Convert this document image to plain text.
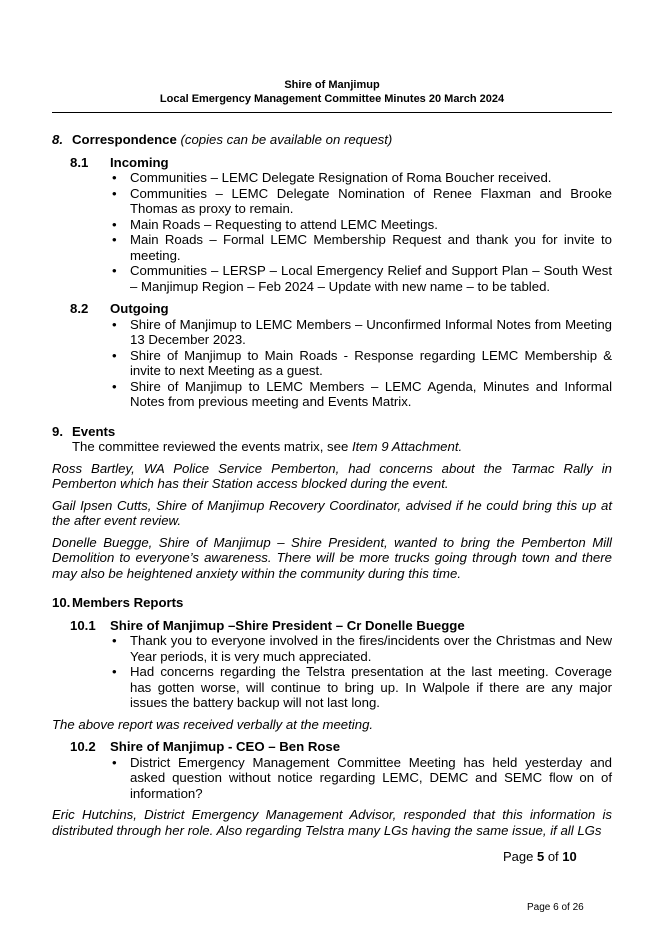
Shire of Manjimup
Local Emergency Management Committee Minutes 20 March 2024
8. Correspondence (copies can be available on request)
8.1 Incoming
• Communities – LEMC Delegate Resignation of Roma Boucher received.
• Communities – LEMC Delegate Nomination of Renee Flaxman and Brooke Thomas as proxy to remain.
• Main Roads – Requesting to attend LEMC Meetings.
• Main Roads – Formal LEMC Membership Request and thank you for invite to meeting.
• Communities – LERSP – Local Emergency Relief and Support Plan – South West – Manjimup Region – Feb 2024 – Update with new name – to be tabled.
8.2 Outgoing
• Shire of Manjimup to LEMC Members – Unconfirmed Informal Notes from Meeting 13 December 2023.
• Shire of Manjimup to Main Roads - Response regarding LEMC Membership & invite to next Meeting as a guest.
• Shire of Manjimup to LEMC Members – LEMC Agenda, Minutes and Informal Notes from previous meeting and Events Matrix.
9. Events
The committee reviewed the events matrix, see Item 9 Attachment.
Ross Bartley, WA Police Service Pemberton, had concerns about the Tarmac Rally in Pemberton which has their Station access blocked during the event.
Gail Ipsen Cutts, Shire of Manjimup Recovery Coordinator, advised if he could bring this up at the after event review.
Donelle Buegge, Shire of Manjimup – Shire President, wanted to bring the Pemberton Mill Demolition to everyone’s awareness. There will be more trucks going through town and there may also be heightened anxiety within the community during this time.
10. Members Reports
10.1 Shire of Manjimup –Shire President – Cr Donelle Buegge
• Thank you to everyone involved in the fires/incidents over the Christmas and New Year periods, it is very much appreciated.
• Had concerns regarding the Telstra presentation at the last meeting. Coverage has gotten worse, will continue to bring up. In Walpole if there are any major issues the battery backup will not last long.
The above report was received verbally at the meeting.
10.2 Shire of Manjimup - CEO – Ben Rose
• District Emergency Management Committee Meeting has held yesterday and asked question without notice regarding LEMC, DEMC and SEMC flow on of information?
Eric Hutchins, District Emergency Management Advisor, responded that this information is distributed through her role. Also regarding Telstra many LGs having the same issue, if all LGs
Page 5 of 10
Page 6 of 26
